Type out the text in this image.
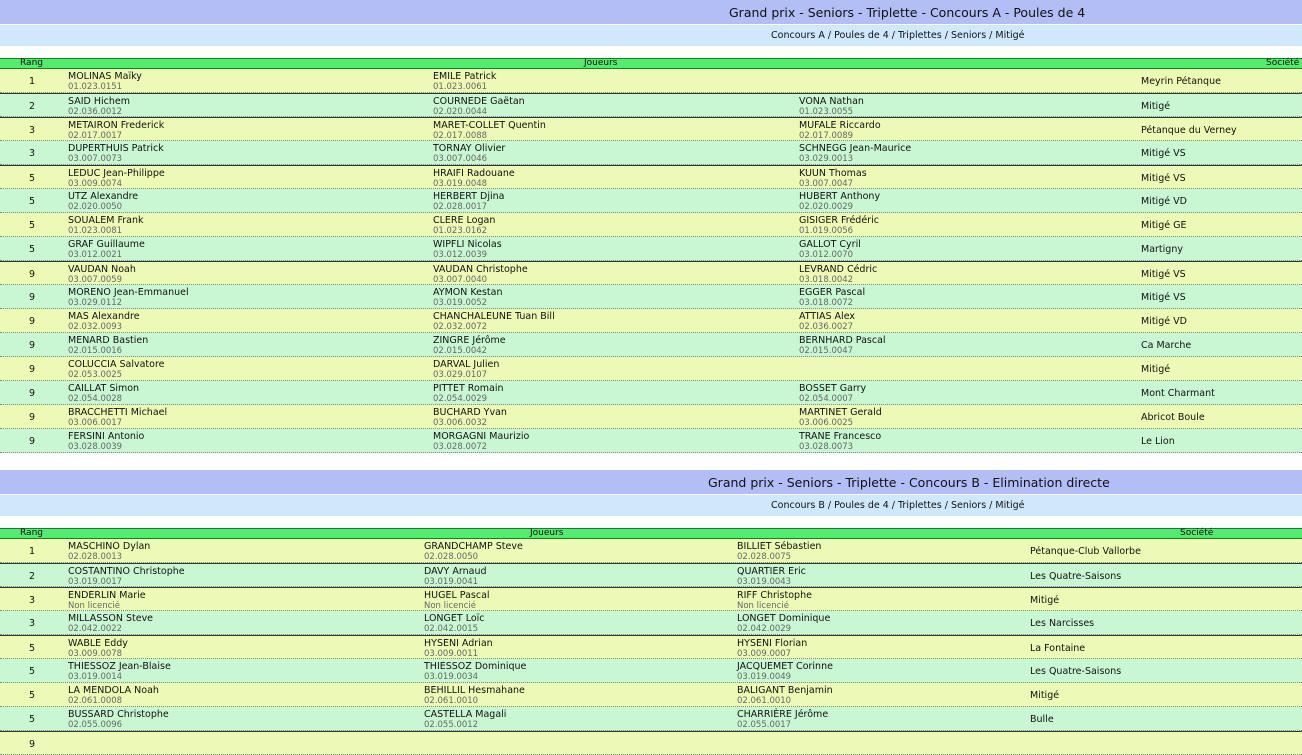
Grand prix - Seniors - Triplette - Concours A - Poules de 4
Concours A / Poules de 4 / Triplettes / Seniors / Mitigé
Rang	Joueurs	Société
1	MOLINAS Maïky
01.023.0151
EMILE Patrick
01.023.0061	Meyrin Pétanque
2	SAID Hichem
02.036.0012
COURNEDE Gaëtan
02.020.0044
VONA Nathan
01.023.0055	Mitigé
3	METAIRON Frederick
02.017.0017
MARET-COLLET Quentin
02.017.0088
MUFALE Riccardo
02.017.0089	Pétanque du Verney
3	DUPERTHUIS Patrick
03.007.0073
TORNAY Olivier
03.007.0046
SCHNEGG Jean-Maurice
03.029.0013	Mitigé VS
5	LEDUC Jean-Philippe
03.009.0074
HRAIFI Radouane
03.019.0048
KUUN Thomas
03.007.0047	Mitigé VS
5	UTZ Alexandre
02.020.0050
HERBERT Djina
02.028.0017
HUBERT Anthony
02.020.0029	Mitigé VD
5	SOUALEM Frank
01.023.0081
CLERE Logan
01.023.0162
GISIGER Frédéric
01.019.0056	Mitigé GE
5	GRAF Guillaume
03.012.0021
WIPFLI Nicolas
03.012.0039
GALLOT Cyril
03.012.0070	Martigny
9	VAUDAN Noah
03.007.0059
VAUDAN Christophe
03.007.0040
LEVRAND Cédric
03.018.0042	Mitigé VS
9	MORENO Jean-Emmanuel
03.029.0112
AYMON Kestan
03.019.0052
EGGER Pascal
03.018.0072	Mitigé VS
9	MAS Alexandre
02.032.0093
CHANCHALEUNE Tuan Bill
02.032.0072
ATTIAS Alex
02.036.0027	Mitigé VD
9	MENARD Bastien
02.015.0016
ZINGRE Jérôme
02.015.0042
BERNHARD Pascal
02.015.0047	Ca Marche
9	COLUCCIA Salvatore
02.053.0025
DARVAL Julien
03.029.0107	Mitigé
9	CAILLAT Simon
02.054.0028
PITTET Romain
02.054.0029
BOSSET Garry
02.054.0007	Mont Charmant
9	BRACCHETTI Michael
03.006.0017
BUCHARD Yvan
03.006.0032
MARTINET Gerald
03.006.0025	Abricot Boule
9	FERSINI Antonio
03.028.0039
MORGAGNI Maurizio
03.028.0072
TRANE Francesco
03.028.0073	Le Lion
Grand prix - Seniors - Triplette - Concours B - Elimination directe
Concours B / Poules de 4 / Triplettes / Seniors / Mitigé
Rang	Joueurs	Société
1	MASCHINO Dylan
02.028.0013
GRANDCHAMP Steve
02.028.0050
BILLIET Sébastien
02.028.0075	Pétanque-Club Vallorbe
2	COSTANTINO Christophe
03.019.0017
DAVY Arnaud
03.019.0041
QUARTIER Eric
03.019.0043	Les Quatre-Saisons
3	ENDERLIN Marie
Non licencié
HUGEL Pascal
Non licencié
RIFF Christophe
Non licencié	Mitigé
3	MILLASSON Steve
02.042.0022
LONGET Loïc
02.042.0015
LONGET Dominique
02.042.0029	Les Narcisses
5	WABLE Eddy
03.009.0078
HYSENI Adrian
03.009.0011
HYSENI Florian
03.009.0007	La Fontaine
5	THIESSOZ Jean-Blaise
03.019.0014
THIESSOZ Dominique
03.019.0034
JACQUEMET Corinne
03.019.0049	Les Quatre-Saisons
5	LA MENDOLA Noah
02.061.0008
BEHILLIL Hesmahane
02.061.0010
BALIGANT Benjamin
02.061.0010	Mitigé
5	BUSSARD Christophe
02.055.0096
CASTELLA Magali
02.055.0012
CHARRIÈRE Jérôme
02.055.0017	Bulle
9
